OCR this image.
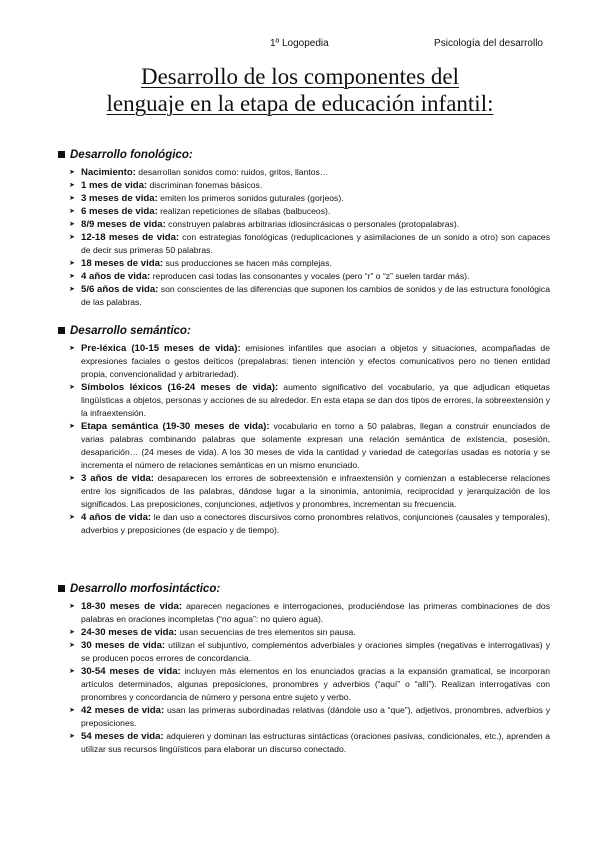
1º Logopedia	Psicología del desarrollo
Desarrollo de los componentes del
lenguaje en la etapa de educación infantil:
Desarrollo fonológico:
➤ Nacimiento: desarrollan sonidos como: ruidos, gritos, llantos…
➤ 1 mes de vida: discriminan fonemas básicos.
➤ 3 meses de vida: emiten los primeros sonidos guturales (gorjeos).
➤ 6 meses de vida: realizan repeticiones de sílabas (balbuceos).
➤ 8/9 meses de vida: construyen palabras arbitrarias idiosincrásicas o personales (protopalabras).
➤ 12-18 meses de vida: con estrategias fonológicas (reduplicaciones y asimilaciones de un sonido a otro) son capaces de decir sus primeras 50 palabras.
➤ 18 meses de vida: sus producciones se hacen más complejas.
➤ 4 años de vida: reproducen casi todas las consonantes y vocales (pero “r” o “z” suelen tardar más).
➤ 5/6 años de vida: son conscientes de las diferencias que suponen los cambios de sonidos y de las estructura fonológica de las palabras.
Desarrollo semántico:
➤ Pre-léxica (10-15 meses de vida): emisiones infantiles que asocian a objetos y situaciones, acompañadas de expresiones faciales o gestos deíticos (prepalabras: tienen intención y efectos comunicativos pero no tienen entidad propia, convencionalidad y arbitrariedad).
➤ Símbolos léxicos (16-24 meses de vida): aumento significativo del vocabulario, ya que adjudican etiquetas lingüísticas a objetos, personas y acciones de su alrededor. En esta etapa se dan dos tipos de errores, la sobreextensión y la infraextensión.
➤ Etapa semántica (19-30 meses de vida): vocabulario en torno a 50 palabras, llegan a construir enunciados de varias palabras combinando palabras que solamente expresan una relación semántica de existencia, posesión, desaparición… (24 meses de vida). A los 30 meses de vida la cantidad y variedad de categorías usadas es notoria y se incrementa el número de relaciones semánticas en un mismo enunciado.
➤ 3 años de vida: desaparecen los errores de sobreextensión e infraextensión y comienzan a establecerse relaciones entre los significados de las palabras, dándose lugar a la sinonimia, antonimia, reciprocidad y jerarquización de los significados. Las preposiciones, conjunciones, adjetivos y pronombres, incrementan su frecuencia.
➤ 4 años de vida: le dan uso a conectores discursivos como pronombres relativos, conjunciones (causales y temporales), adverbios y preposiciones (de espacio y de tiempo).
Desarrollo morfosintáctico:
➤ 18-30 meses de vida: aparecen negaciones e interrogaciones, produciéndose las primeras combinaciones de dos palabras en oraciones incompletas (“no agua”: no quiero agua).
➤ 24-30 meses de vida: usan secuencias de tres elementos sin pausa.
➤ 30 meses de vida: utilizan el subjuntivo, complementos adverbiales y oraciones simples (negativas e interrogativas) y se producen pocos errores de concordancia.
➤ 30-54 meses de vida: incluyen más elementos en los enunciados gracias a la expansión gramatical, se incorporan artículos determinados, algunas preposiciones, pronombres y adverbios (“aquí” o “allí”). Realizan interrogativas con pronombres y concordancia de número y persona entre sujeto y verbo.
➤ 42 meses de vida: usan las primeras subordinadas relativas (dándole uso a “que”), adjetivos, pronombres, adverbios y preposiciones.
➤ 54 meses de vida: adquieren y dominan las estructuras sintácticas (oraciones pasivas, condicionales, etc.), aprenden a utilizar sus recursos lingüísticos para elaborar un discurso conectado.
